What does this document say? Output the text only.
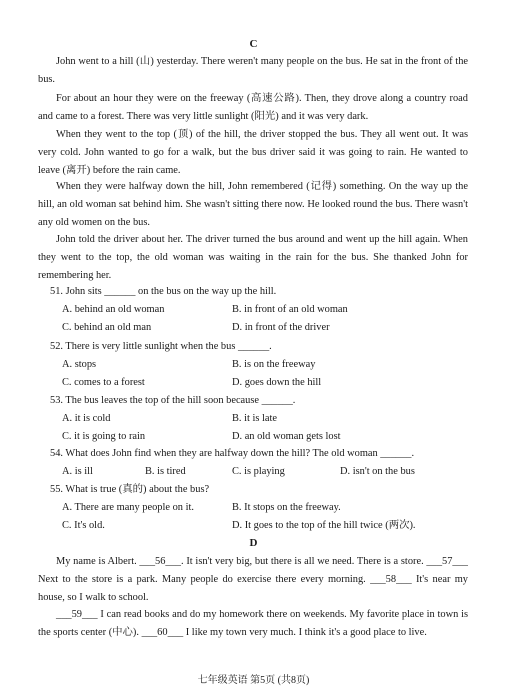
C

John went to a hill (山) yesterday. There weren't many people on the bus. He sat in the front of the bus.

For about an hour they were on the freeway (高速公路). Then, they drove along a country road and came to a forest. There was very little sunlight (阳光) and it was very dark.

When they went to the top (顶) of the hill, the driver stopped the bus. They all went out. It was very cold. John wanted to go for a walk, but the bus driver said it was going to rain. He wanted to leave (离开) before the rain came.

When they were halfway down the hill, John remembered (记得) something. On the way up the hill, an old woman sat behind him. She wasn't sitting there now. He looked round the bus. There wasn't any old women on the bus.

John told the driver about her. The driver turned the bus around and went up the hill again. When they went to the top, the old woman was waiting in the rain for the bus. She thanked John for remembering her.

51. John sits ______ on the bus on the way up the hill.
A. behind an old woman	B. in front of an old woman
C. behind an old man	D. in front of the driver
52. There is very little sunlight when the bus ______.
A. stops	B. is on the freeway
C. comes to a forest	D. goes down the hill
53. The bus leaves the top of the hill soon because ______.
A. it is cold	B. it is late
C. it is going to rain	D. an old woman gets lost
54. What does John find when they are halfway down the hill? The old woman ______.
A. is ill	B. is tired	C. is playing	D. isn't on the bus
55. What is true (真的) about the bus?
A. There are many people on it.	B. It stops on the freeway.
C. It's old.	D. It goes to the top of the hill twice (两次).
D

My name is Albert. ___56___. It isn't very big, but there is all we need. There is a store. ___57___ Next to the store is a park. Many people do exercise there every morning. ___58___ It's near my house, so I walk to school.

___59___ I can read books and do my homework there on weekends. My favorite place in town is the sports center (中心). ___60___ I like my town very much. I think it's a good place to live.

七年级英语 第5页 (共8页)
